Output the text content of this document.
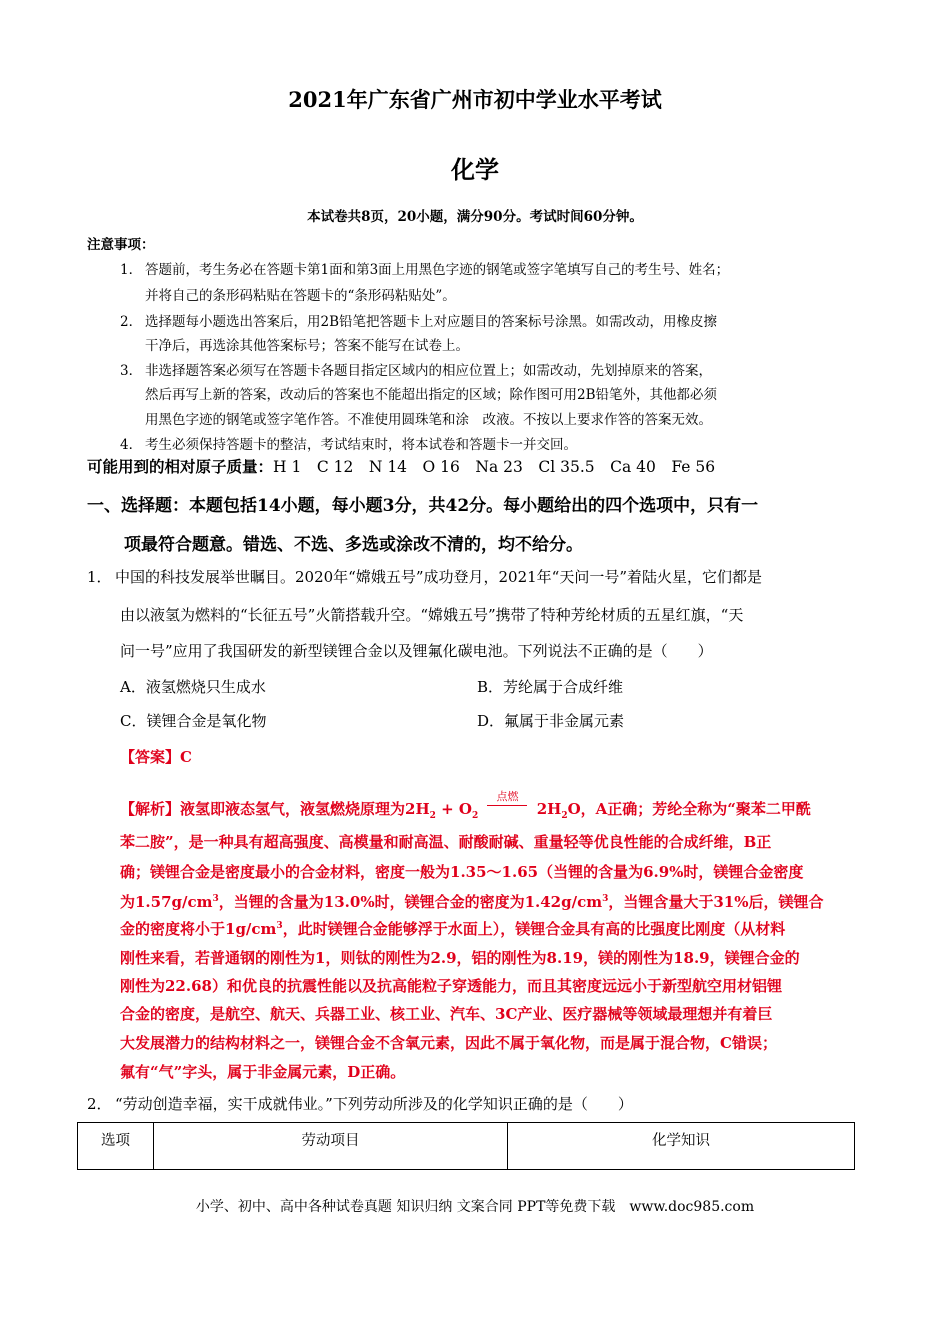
2021年广东省广州市初中学业水平考试
化学
本试卷共8页，20小题，满分90分。考试时间60分钟。
注意事项：
1． 答题前，考生务必在答题卡第1面和第3面上用黑色字迹的钢笔或签字笔填写自己的考生号、姓名；
并将自己的条形码粘贴在答题卡的“条形码粘贴处”。
2． 选择题每小题选出答案后，用2B铅笔把答题卡上对应题目的答案标号涂黑。如需改动，用橡皮擦
干净后，再选涂其他答案标号；答案不能写在试卷上。
3． 非选择题答案必须写在答题卡各题目指定区域内的相应位置上；如需改动，先划掉原来的答案，
然后再写上新的答案，改动后的答案也不能超出指定的区域；除作图可用2B铅笔外，其他都必须
用黑色字迹的钢笔或签字笔作答。不准使用圆珠笔和涂　改液。不按以上要求作答的答案无效。
4． 考生必须保持答题卡的整洁，考试结束时，将本试卷和答题卡一并交回。
可能用到的相对原子质量：H 1　C 12　N 14　O 16　Na 23　Cl 35.5　Ca 40　Fe 56
一、选择题：本题包括14小题，每小题3分，共42分。每小题给出的四个选项中，只有一
项最符合题意。错选、不选、多选或涂改不清的，均不给分。
1． 中国的科技发展举世瞩目。2020年“嫦娥五号”成功登月，2021年“天问一号”着陆火星，它们都是
由以液氢为燃料的“长征五号”火箭搭载升空。“嫦娥五号”携带了特种芳纶材质的五星红旗，“天
问一号”应用了我国研发的新型镁锂合金以及锂氟化碳电池。下列说法不正确的是（　　）
A．液氢燃烧只生成水	B．芳纶属于合成纤维
C．镁锂合金是氧化物	D．氟属于非金属元素
【答案】C
【解析】液氢即液态氢气，液氢燃烧原理为$2H_2 + O_2$
点燃
$2H_2O$，A正确；芳纶全称为“聚苯二甲酰
苯二胺”，是一种具有超高强度、高模量和耐高温、耐酸耐碱、重量轻等优良性能的合成纤维，B正
确；镁锂合金是密度最小的合金材料，密度一般为1.35～1.65（当锂的含量为6.9%时，镁锂合金密度
为$1.57g/cm^3$，当锂的含量为13.0%时，镁锂合金的密度为$1.42g/cm^3$，当锂含量大于31%后，镁锂合
金的密度将小于$1g/cm^3$，此时镁锂合金能够浮于水面上），镁锂合金具有高的比强度比刚度（从材料
刚性来看，若普通钢的刚性为1，则钛的刚性为2.9，铝的刚性为8.19，镁的刚性为18.9，镁锂合金的
刚性为22.68）和优良的抗震性能以及抗高能粒子穿透能力，而且其密度远远小于新型航空用材铝锂
合金的密度，是航空、航天、兵器工业、核工业、汽车、3C产业、医疗器械等领域最理想并有着巨
大发展潜力的结构材料之一，镁锂合金不含氧元素，因此不属于氧化物，而是属于混合物，C错误；
氟有“气”字头，属于非金属元素，D正确。
2． “劳动创造幸福，实干成就伟业。”下列劳动所涉及的化学知识正确的是（　　）
选项	劳动项目	化学知识
小学、初中、高中各种试卷真题 知识归纳 文案合同 PPT等免费下载　www.doc985.com
